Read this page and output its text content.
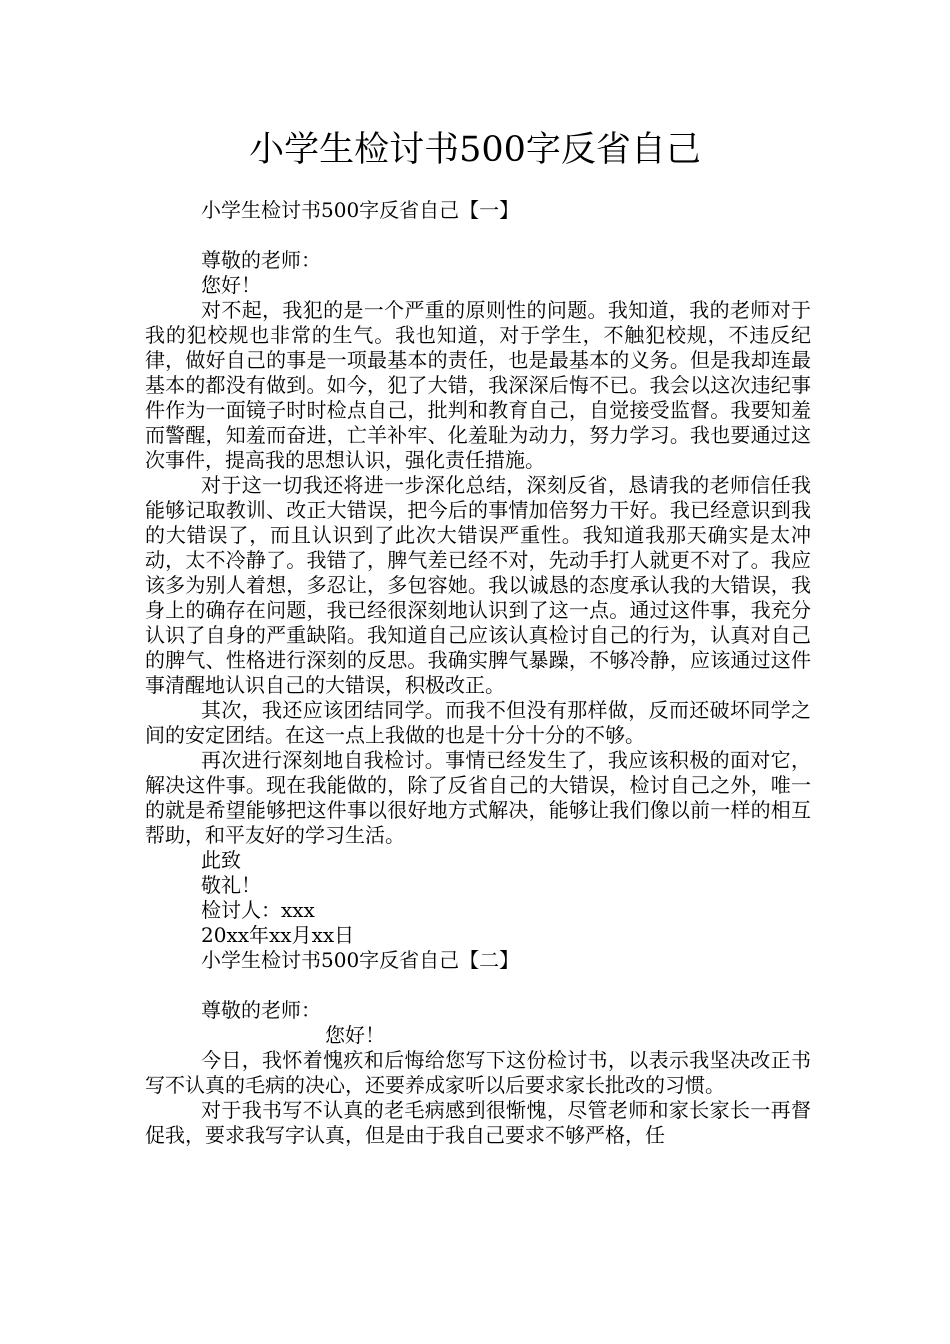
小学生检讨书500字反省自己

小学生检讨书500字反省自己【一】

尊敬的老师：

您好！

对不起，我犯的是一个严重的原则性的问题。我知道，我的老师对于我的犯校规也非常的生气。我也知道，对于学生，不触犯校规，不违反纪律，做好自己的事是一项最基本的责任，也是最基本的义务。但是我却连最基本的都没有做到。如今，犯了大错，我深深后悔不已。我会以这次违纪事件作为一面镜子时时检点自己，批判和教育自己，自觉接受监督。我要知羞而警醒，知羞而奋进，亡羊补牢、化羞耻为动力，努力学习。我也要通过这次事件，提高我的思想认识，强化责任措施。

对于这一切我还将进一步深化总结，深刻反省，恳请我的老师信任我能够记取教训、改正大错误，把今后的事情加倍努力干好。我已经意识到我的大错误了，而且认识到了此次大错误严重性。我知道我那天确实是太冲动，太不冷静了。我错了，脾气差已经不对，先动手打人就更不对了。我应该多为别人着想，多忍让，多包容她。我以诚恳的态度承认我的大错误，我身上的确存在问题，我已经很深刻地认识到了这一点。通过这件事，我充分认识了自身的严重缺陷。我知道自己应该认真检讨自己的行为，认真对自己的脾气、性格进行深刻的反思。我确实脾气暴躁，不够冷静，应该通过这件事清醒地认识自己的大错误，积极改正。

其次，我还应该团结同学。而我不但没有那样做，反而还破坏同学之间的安定团结。在这一点上我做的也是十分十分的不够。

再次进行深刻地自我检讨。事情已经发生了，我应该积极的面对它，解决这件事。现在我能做的，除了反省自己的大错误，检讨自己之外，唯一的就是希望能够把这件事以很好地方式解决，能够让我们像以前一样的相互帮助，和平友好的学习生活。

此致

敬礼！

检讨人：xxx

20xx年xx月xx日

小学生检讨书500字反省自己【二】

尊敬的老师：

您好！

今日，我怀着愧疚和后悔给您写下这份检讨书，以表示我坚决改正书写不认真的毛病的决心，还要养成家听以后要求家长批改的习惯。

对于我书写不认真的老毛病感到很惭愧，尽管老师和家长家长一再督促我，要求我写字认真，但是由于我自己要求不够严格，任
